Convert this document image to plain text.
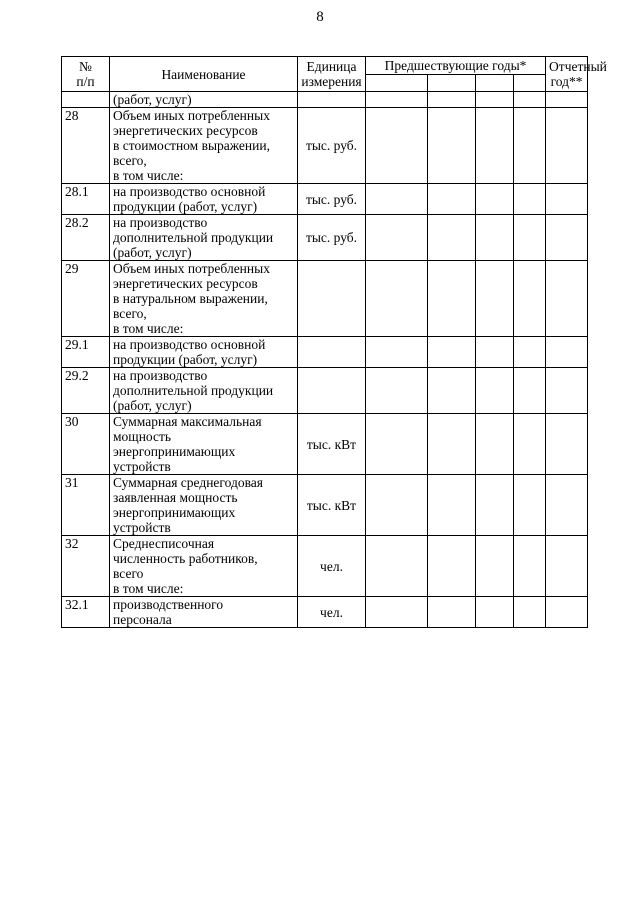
8
№
п/п	Наименование	Единица
измерения	Предшествующие годы*				Отчетный
год**

	(работ, услуг)						

28	Объем иных потребленных
энергетических ресурсов
в стоимостном выражении,
всего,
в том числе:	тыс. руб.					
28.1	на производство основной
продукции (работ, услуг)	тыс. руб.					
28.2	на производство
дополнительной продукции
(работ, услуг)	тыс. руб.					
29	Объем иных потребленных
энергетических ресурсов
в натуральном выражении,
всего,
в том числе:						

29.1	на производство основной
продукции (работ, услуг)						

29.2	на производство
дополнительной продукции
(работ, услуг)						

30	Суммарная максимальная
мощность
энергопринимающих
устройств	тыс. кВт					
31	Суммарная среднегодовая
заявленная мощность
энергопринимающих
устройств	тыс. кВт					
32	Среднесписочная
численность работников,
всего
в том числе:	чел.					
32.1	производственного
персонала	чел.					
